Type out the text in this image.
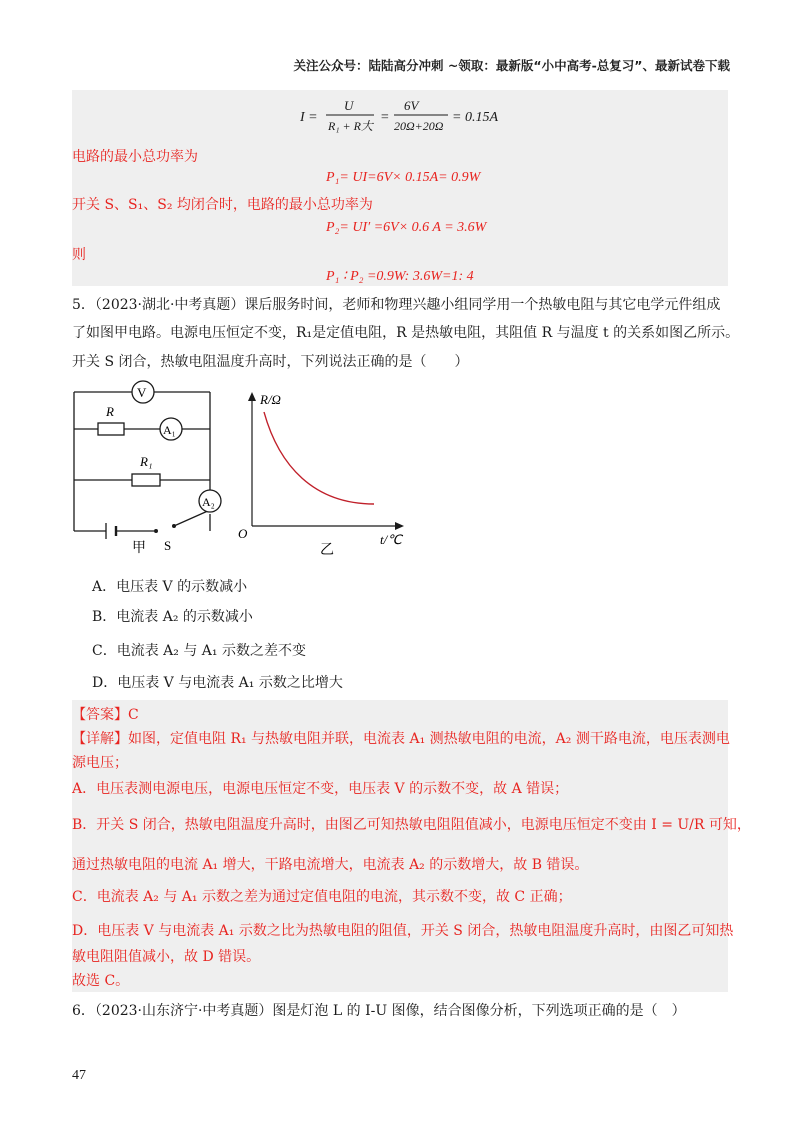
关注公众号：陆陆高分冲刺 ~领取：最新版“小中高考-总复习”、最新试卷下载
I =
U
R₁ + R大
=
6V
20Ω+20Ω
= 0.15A
电路的最小总功率为
P₁= UI=6V× 0.15A= 0.9W
开关 S、S₁、S₂ 均闭合时，电路的最小总功率为
P₂= UI′ =6V× 0.6 A = 3.6W
则
P₁ ∶ P₂ =0.9W: 3.6W=1: 4
5．（2023·湖北·中考真题）课后服务时间，老师和物理兴趣小组同学用一个热敏电阻与其它电学元件组成
了如图甲电路。电源电压恒定不变，R₁是定值电阻，R 是热敏电阻，其阻值 R 与温度 t 的关系如图乙所示。
开关 S 闭合，热敏电阻温度升高时，下列说法正确的是（　　）
V
R
A₁
R₁
A₂
S
甲
R/Ω
t/℃
O
乙
A．电压表 V 的示数减小
B．电流表 A₂ 的示数减小
C．电流表 A₂ 与 A₁ 示数之差不变
D．电压表 V 与电流表 A₁ 示数之比增大
【答案】C
【详解】如图，定值电阻 R₁ 与热敏电阻并联，电流表 A₁ 测热敏电阻的电流，A₂ 测干路电流，电压表测电
源电压；
A．电压表测电源电压，电源电压恒定不变，电压表 V 的示数不变，故 A 错误；
B．开关 S 闭合，热敏电阻温度升高时，由图乙可知热敏电阻阻值减小，电源电压恒定不变由 I = U/R 可知，
通过热敏电阻的电流 A₁ 增大，干路电流增大，电流表 A₂ 的示数增大，故 B 错误。
C．电流表 A₂ 与 A₁ 示数之差为通过定值电阻的电流，其示数不变，故 C 正确；
D．电压表 V 与电流表 A₁ 示数之比为热敏电阻的阻值，开关 S 闭合，热敏电阻温度升高时，由图乙可知热
敏电阻阻值减小，故 D 错误。
故选 C。
6．（2023·山东济宁·中考真题）图是灯泡 L 的 I-U 图像，结合图像分析，下列选项正确的是（　）
47
